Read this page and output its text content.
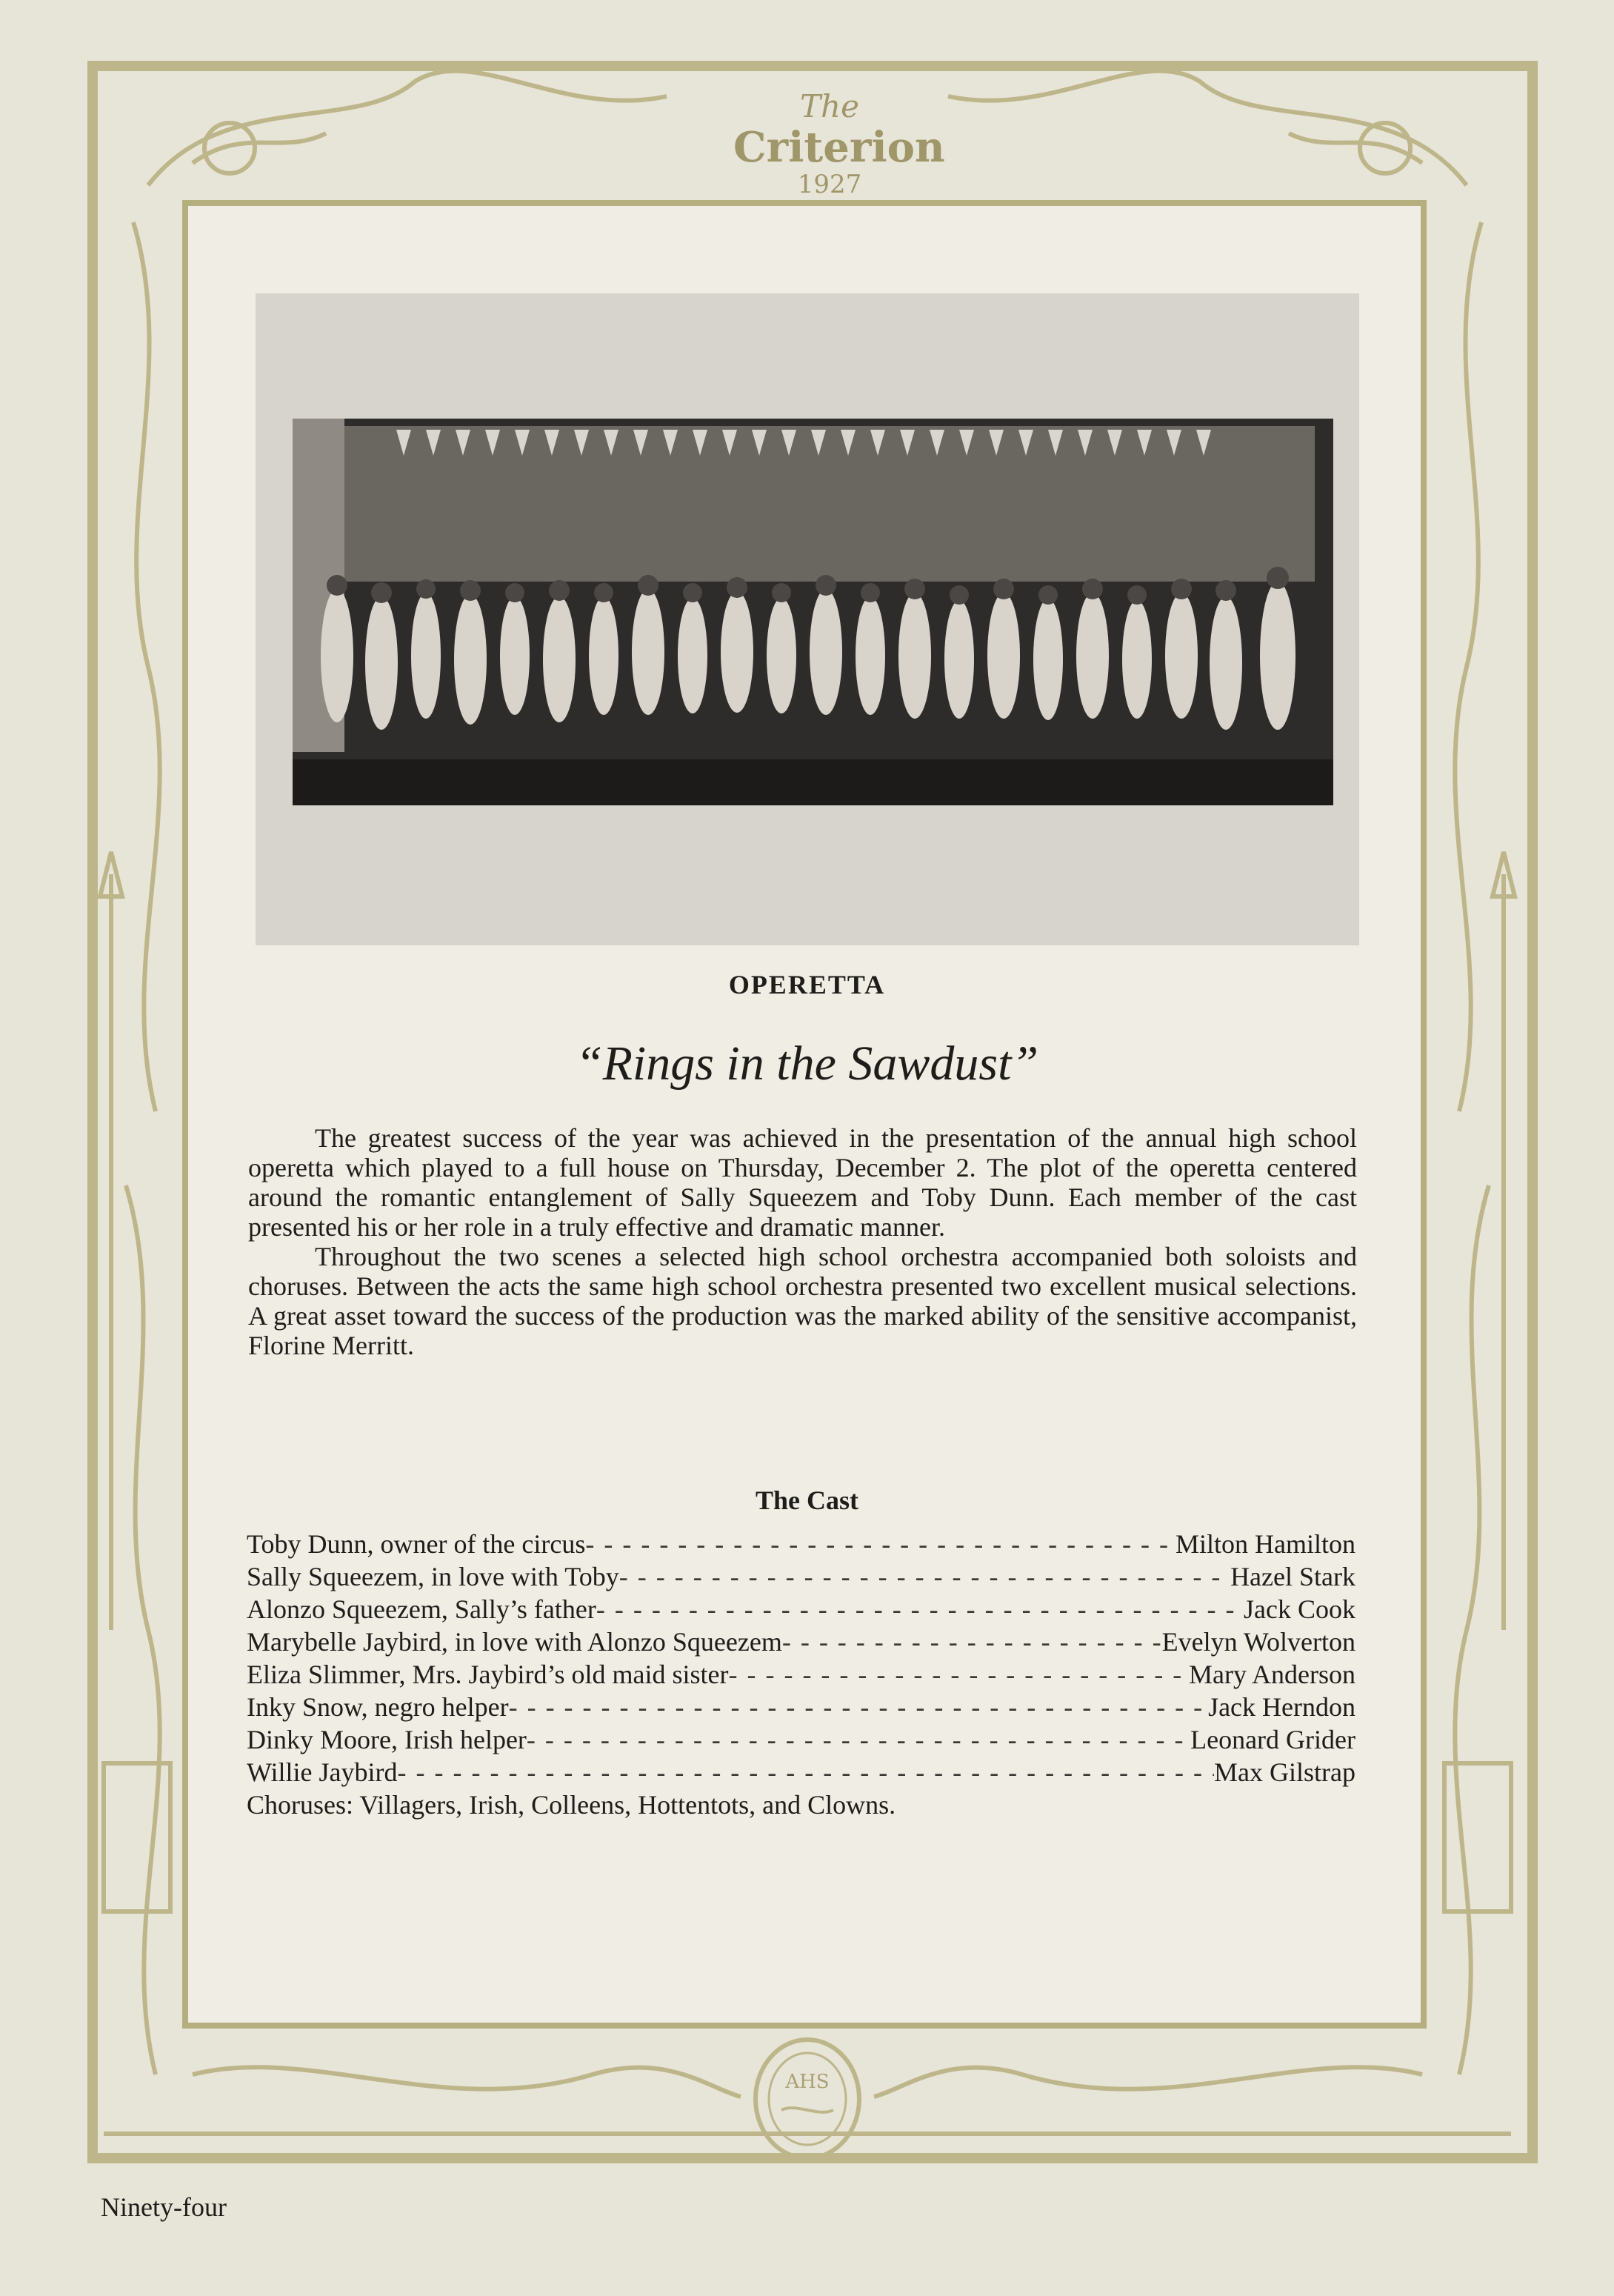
The
Criterion
1927
OPERETTA
“Rings in the Sawdust”

The greatest success of the year was achieved in the presentation of the annual high school operetta which played to a full house on Thursday, December 2. The plot of the operetta centered around the romantic entanglement of Sally Squeezem and Toby Dunn. Each member of the cast presented his or her role in a truly effective and dramatic manner.

Throughout the two scenes a selected high school orchestra accompanied both soloists and choruses. Between the acts the same high school orchestra presented two excellent musical selections. A great asset toward the success of the production was the marked ability of the sensitive accompanist, Florine Merritt.

The Cast
Toby Dunn, owner of the circus - - -	Milton Hamilton
Sally Squeezem, in love with Toby - - -	Hazel Stark
Alonzo Squeezem, Sally’s father - - -	Jack Cook
Marybelle Jaybird, in love with Alonzo Squeezem - - -	Evelyn Wolverton
Eliza Slimmer, Mrs. Jaybird’s old maid sister - - -	Mary Anderson
Inky Snow, negro helper - - -	Jack Herndon
Dinky Moore, Irish helper - - -	Leonard Grider
Willie Jaybird - - -	Max Gilstrap
Choruses: Villagers, Irish, Colleens, Hottentots, and Clowns.
AHS
Ninety-four
